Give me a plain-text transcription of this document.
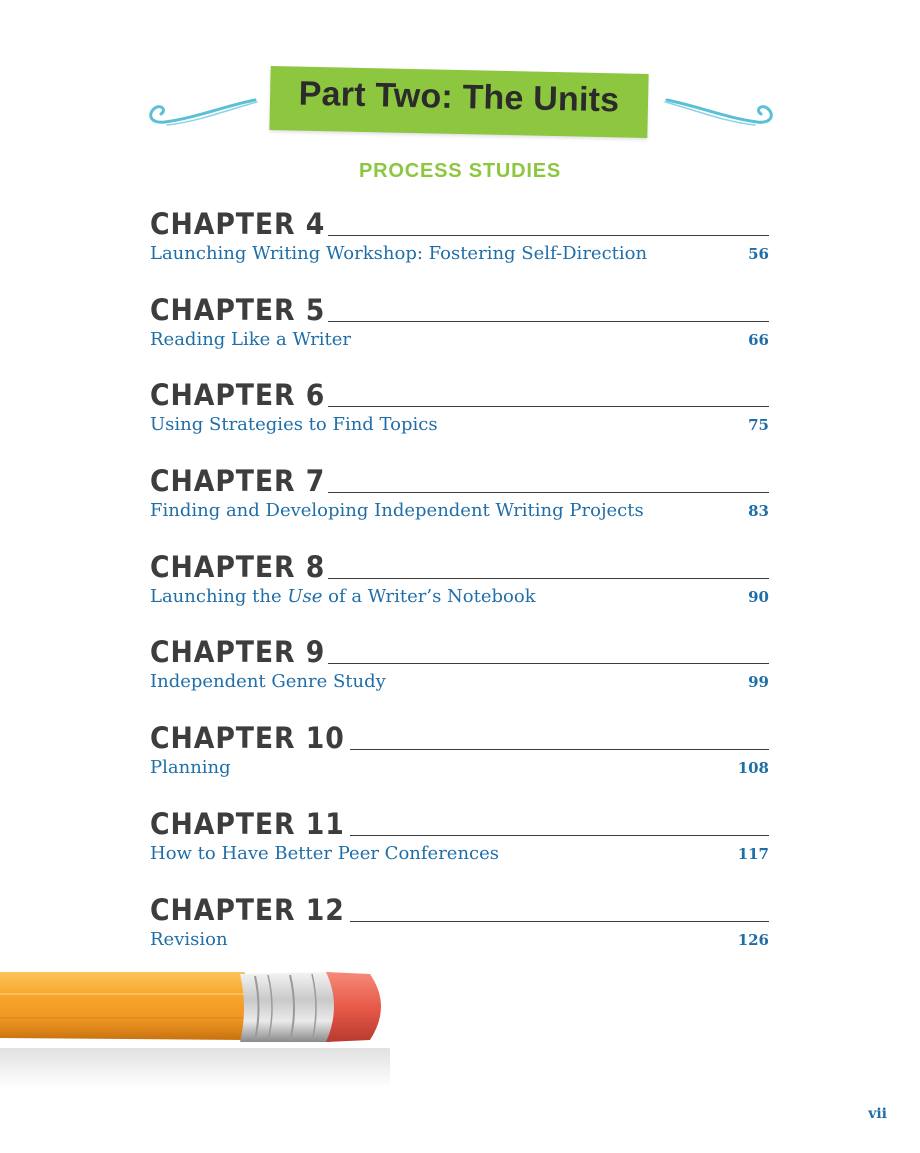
Part Two: The Units
PROCESS STUDIES
CHAPTER 4
Launching Writing Workshop: Fostering Self-Direction	56
CHAPTER 5
Reading Like a Writer	66
CHAPTER 6
Using Strategies to Find Topics	75
CHAPTER 7
Finding and Developing Independent Writing Projects	83
CHAPTER 8
Launching the Use of a Writer’s Notebook	90
CHAPTER 9
Independent Genre Study	99
CHAPTER 10
Planning	108
CHAPTER 11
How to Have Better Peer Conferences	117
CHAPTER 12
Revision	126
vii
